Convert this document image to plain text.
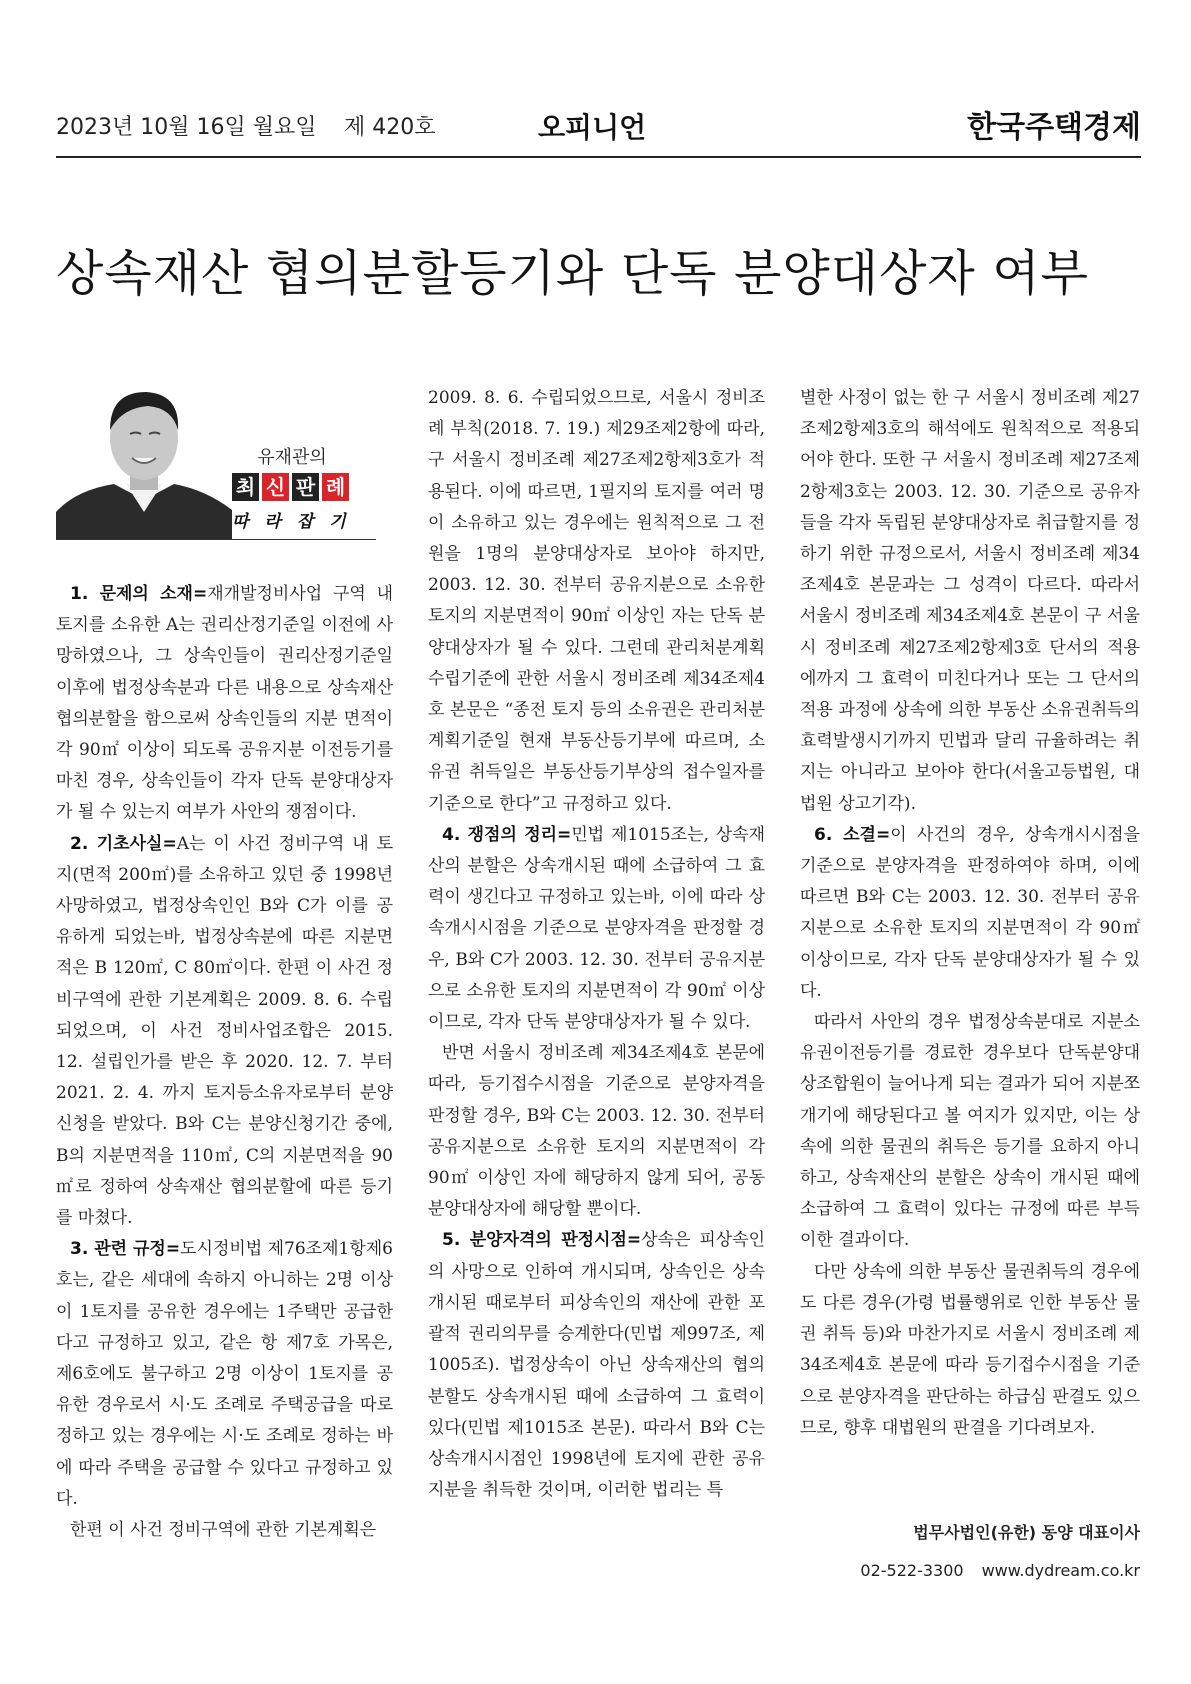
2023년 10월 16일 월요일 제 420호	오피니언	한국주택경제
상속재산 협의분할등기와 단독 분양대상자 여부
유재관의
최 신 판 례
따라잡기

1. 문제의 소재=재개발정비사업 구역 내 토지를 소유한 A는 권리산정기준일 이전에 사망하였으나, 그 상속인들이 권리산정기준일 이후에 법정상속분과 다른 내용으로 상속재산 협의분할을 함으로써 상속인들의 지분 면적이 각 90㎡ 이상이 되도록 공유지분 이전등기를 마친 경우, 상속인들이 각자 단독 분양대상자가 될 수 있는지 여부가 사안의 쟁점이다.

2. 기초사실=A는 이 사건 정비구역 내 토지(면적 200㎡)를 소유하고 있던 중 1998년 사망하였고, 법정상속인인 B와 C가 이를 공유하게 되었는바, 법정상속분에 따른 지분면적은 B 120㎡, C 80㎡이다. 한편 이 사건 정비구역에 관한 기본계획은 2009. 8. 6. 수립되었으며, 이 사건 정비사업조합은 2015. 12. 설립인가를 받은 후 2020. 12. 7. 부터 2021. 2. 4. 까지 토지등소유자로부터 분양신청을 받았다. B와 C는 분양신청기간 중에, B의 지분면적을 110㎡, C의 지분면적을 90㎡로 정하여 상속재산 협의분할에 따른 등기를 마쳤다.

3. 관련 규정=도시정비법 제76조제1항제6호는, 같은 세대에 속하지 아니하는 2명 이상이 1토지를 공유한 경우에는 1주택만 공급한다고 규정하고 있고, 같은 항 제7호 가목은, 제6호에도 불구하고 2명 이상이 1토지를 공유한 경우로서 시·도 조례로 주택공급을 따로 정하고 있는 경우에는 시·도 조례로 정하는 바에 따라 주택을 공급할 수 있다고 규정하고 있다.

한편 이 사건 정비구역에 관한 기본계획은

2009. 8. 6. 수립되었으므로, 서울시 정비조례 부칙(2018. 7. 19.) 제29조제2항에 따라, 구 서울시 정비조례 제27조제2항제3호가 적용된다. 이에 따르면, 1필지의 토지를 여러 명이 소유하고 있는 경우에는 원칙적으로 그 전원을 1명의 분양대상자로 보아야 하지만, 2003. 12. 30. 전부터 공유지분으로 소유한 토지의 지분면적이 90㎡ 이상인 자는 단독 분양대상자가 될 수 있다. 그런데 관리처분계획 수립기준에 관한 서울시 정비조례 제34조제4호 본문은 “종전 토지 등의 소유권은 관리처분계획기준일 현재 부동산등기부에 따르며, 소유권 취득일은 부동산등기부상의 접수일자를 기준으로 한다”고 규정하고 있다.

4. 쟁점의 정리=민법 제1015조는, 상속재산의 분할은 상속개시된 때에 소급하여 그 효력이 생긴다고 규정하고 있는바, 이에 따라 상속개시시점을 기준으로 분양자격을 판정할 경우, B와 C가 2003. 12. 30. 전부터 공유지분으로 소유한 토지의 지분면적이 각 90㎡ 이상이므로, 각자 단독 분양대상자가 될 수 있다.

반면 서울시 정비조례 제34조제4호 본문에 따라, 등기접수시점을 기준으로 분양자격을 판정할 경우, B와 C는 2003. 12. 30. 전부터 공유지분으로 소유한 토지의 지분면적이 각 90㎡ 이상인 자에 해당하지 않게 되어, 공동 분양대상자에 해당할 뿐이다.

5. 분양자격의 판정시점=상속은 피상속인의 사망으로 인하여 개시되며, 상속인은 상속개시된 때로부터 피상속인의 재산에 관한 포괄적 권리의무를 승계한다(민법 제997조, 제1005조). 법정상속이 아닌 상속재산의 협의분할도 상속개시된 때에 소급하여 그 효력이 있다(민법 제1015조 본문). 따라서 B와 C는 상속개시시점인 1998년에 토지에 관한 공유지분을 취득한 것이며, 이러한 법리는 특

별한 사정이 없는 한 구 서울시 정비조례 제27조제2항제3호의 해석에도 원칙적으로 적용되어야 한다. 또한 구 서울시 정비조례 제27조제2항제3호는 2003. 12. 30. 기준으로 공유자들을 각자 독립된 분양대상자로 취급할지를 정하기 위한 규정으로서, 서울시 정비조례 제34조제4호 본문과는 그 성격이 다르다. 따라서 서울시 정비조례 제34조제4호 본문이 구 서울시 정비조례 제27조제2항제3호 단서의 적용에까지 그 효력이 미친다거나 또는 그 단서의 적용 과정에 상속에 의한 부동산 소유권취득의 효력발생시기까지 민법과 달리 규율하려는 취지는 아니라고 보아야 한다(서울고등법원, 대법원 상고기각).

6. 소결=이 사건의 경우, 상속개시시점을 기준으로 분양자격을 판정하여야 하며, 이에 따르면 B와 C는 2003. 12. 30. 전부터 공유지분으로 소유한 토지의 지분면적이 각 90㎡ 이상이므로, 각자 단독 분양대상자가 될 수 있다.

따라서 사안의 경우 법정상속분대로 지분소유권이전등기를 경료한 경우보다 단독분양대상조합원이 늘어나게 되는 결과가 되어 지분쪼개기에 해당된다고 볼 여지가 있지만, 이는 상속에 의한 물권의 취득은 등기를 요하지 아니하고, 상속재산의 분할은 상속이 개시된 때에 소급하여 그 효력이 있다는 규정에 따른 부득이한 결과이다.

다만 상속에 의한 부동산 물권취득의 경우에도 다른 경우(가령 법률행위로 인한 부동산 물권 취득 등)와 마찬가지로 서울시 정비조례 제34조제4호 본문에 따라 등기접수시점을 기준으로 분양자격을 판단하는 하급심 판결도 있으므로, 향후 대법원의 판결을 기다려보자.

법무사법인(유한) 동양 대표이사
02-522-3300 www.dydream.co.kr
